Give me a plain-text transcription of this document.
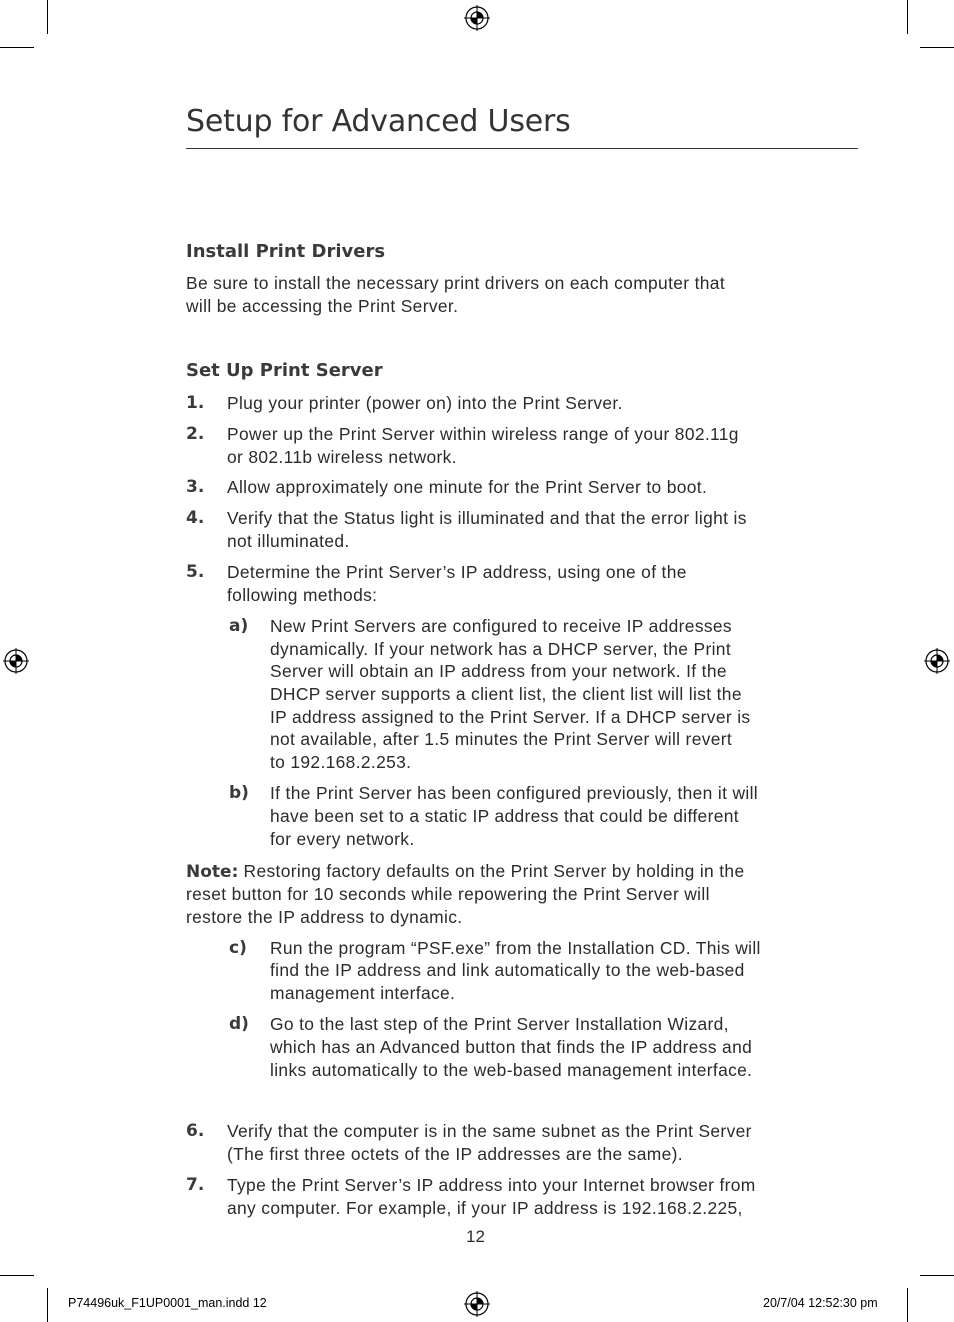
Setup for Advanced Users
Install Print Drivers
Be sure to install the necessary print drivers on each computer that
will be accessing the Print Server.
Set Up Print Server
1. Plug your printer (power on) into the Print Server.
2. Power up the Print Server within wireless range of your 802.11g
or 802.11b wireless network.
3. Allow approximately one minute for the Print Server to boot.
4. Verify that the Status light is illuminated and that the error light is
not illuminated.
5. Determine the Print Server’s IP address, using one of the
following methods:
a) New Print Servers are configured to receive IP addresses
dynamically. If your network has a DHCP server, the Print
Server will obtain an IP address from your network. If the
DHCP server supports a client list, the client list will list the
IP address assigned to the Print Server. If a DHCP server is
not available, after 1.5 minutes the Print Server will revert
to 192.168.2.253.
b) If the Print Server has been configured previously, then it will
have been set to a static IP address that could be different
for every network.
Note: Restoring factory defaults on the Print Server by holding in the
reset button for 10 seconds while repowering the Print Server will
restore the IP address to dynamic.
c) Run the program “PSF.exe” from the Installation CD. This will
find the IP address and link automatically to the web-based
management interface.
d) Go to the last step of the Print Server Installation Wizard,
which has an Advanced button that finds the IP address and
links automatically to the web-based management interface.
6. Verify that the computer is in the same subnet as the Print Server
(The first three octets of the IP addresses are the same).
7. Type the Print Server’s IP address into your Internet browser from
any computer. For example, if your IP address is 192.168.2.225,
12
P74496uk_F1UP0001_man.indd 12	20/7/04 12:52:30 pm
